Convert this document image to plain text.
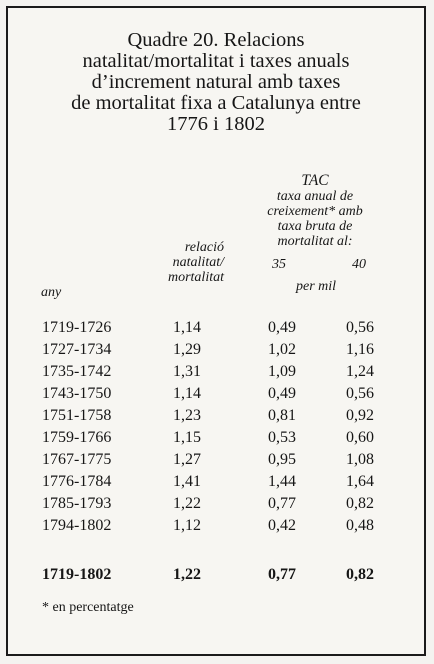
Quadre 20. Relacions
natalitat/mortalitat i taxes anuals
d’increment natural amb taxes
de mortalitat fixa a Catalunya entre
1776 i 1802
TAC
taxa anual de
creixement* amb
taxa bruta de
mortalitat al:
relació
natalitat/
mortalitat
any
35	40
per mil
1719-1726	1,14	0,49	0,56
1727-1734	1,29	1,02	1,16
1735-1742	1,31	1,09	1,24
1743-1750	1,14	0,49	0,56
1751-1758	1,23	0,81	0,92
1759-1766	1,15	0,53	0,60
1767-1775	1,27	0,95	1,08
1776-1784	1,41	1,44	1,64
1785-1793	1,22	0,77	0,82
1794-1802	1,12	0,42	0,48
1719-1802	1,22	0,77	0,82
* en percentatge
